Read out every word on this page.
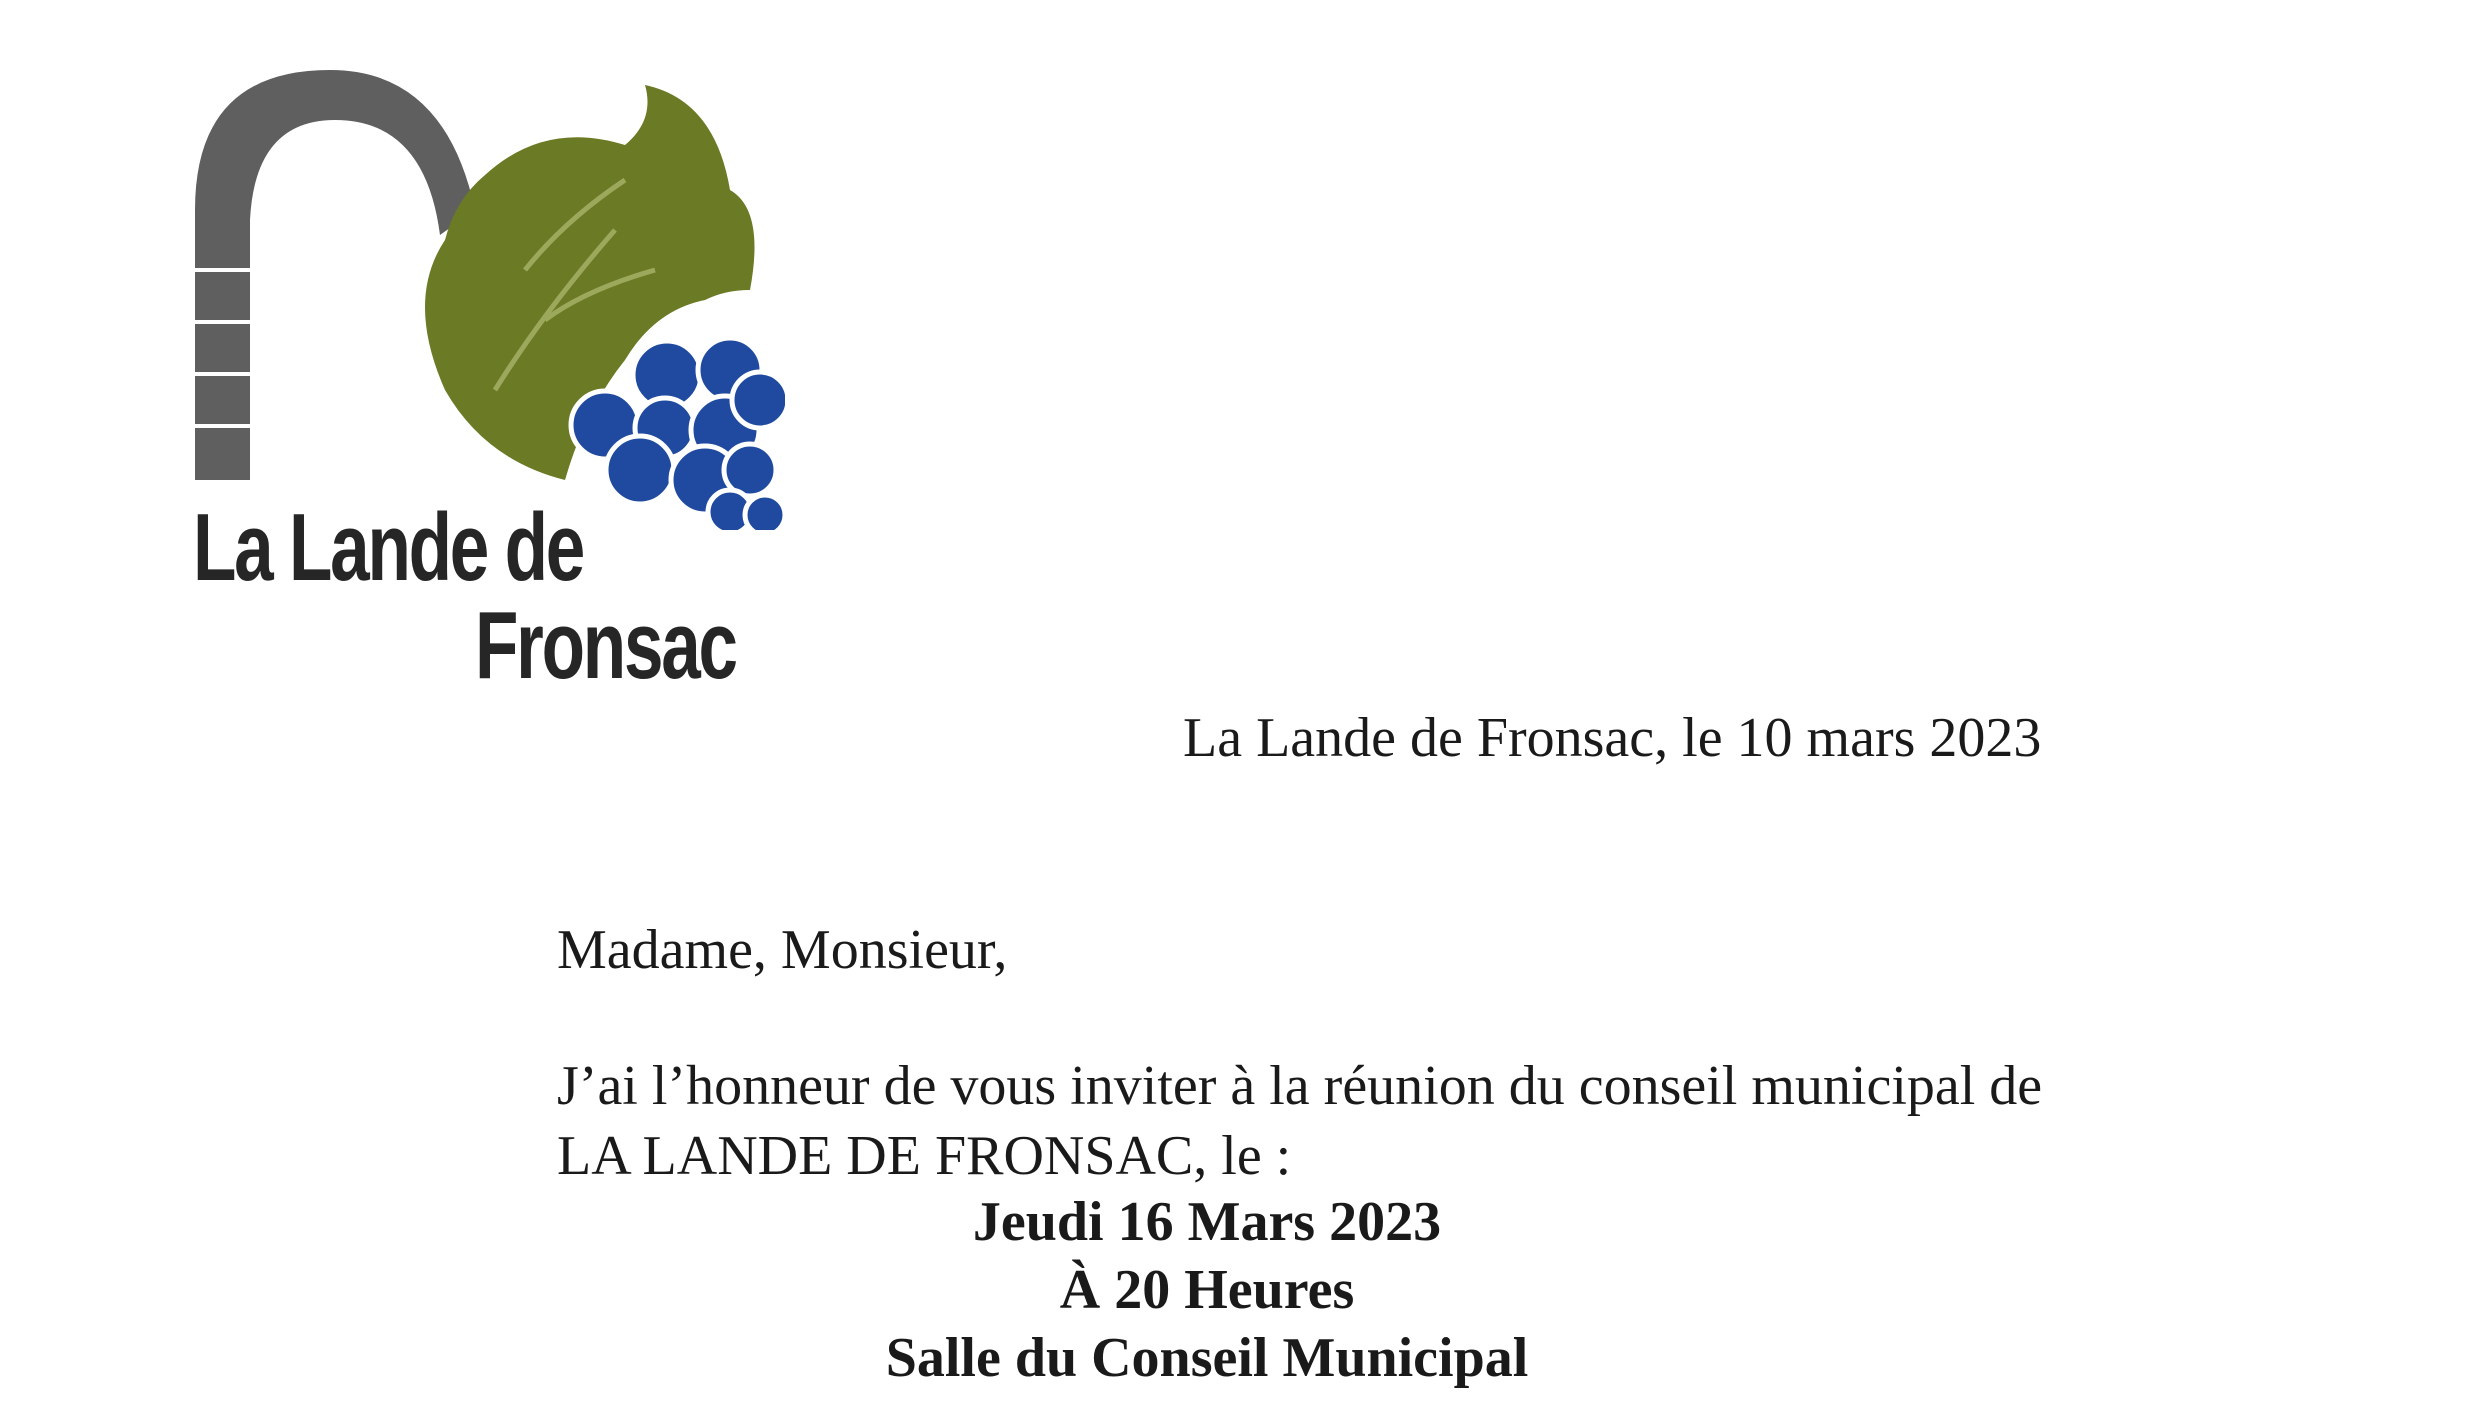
La Lande de
Fronsac
La Lande de Fronsac, le 10 mars 2023
Madame, Monsieur,
J’ai l’honneur de vous inviter à la réunion du conseil municipal de
LA LANDE DE FRONSAC, le :
Jeudi 16 Mars 2023
À 20 Heures
Salle du Conseil Municipal
